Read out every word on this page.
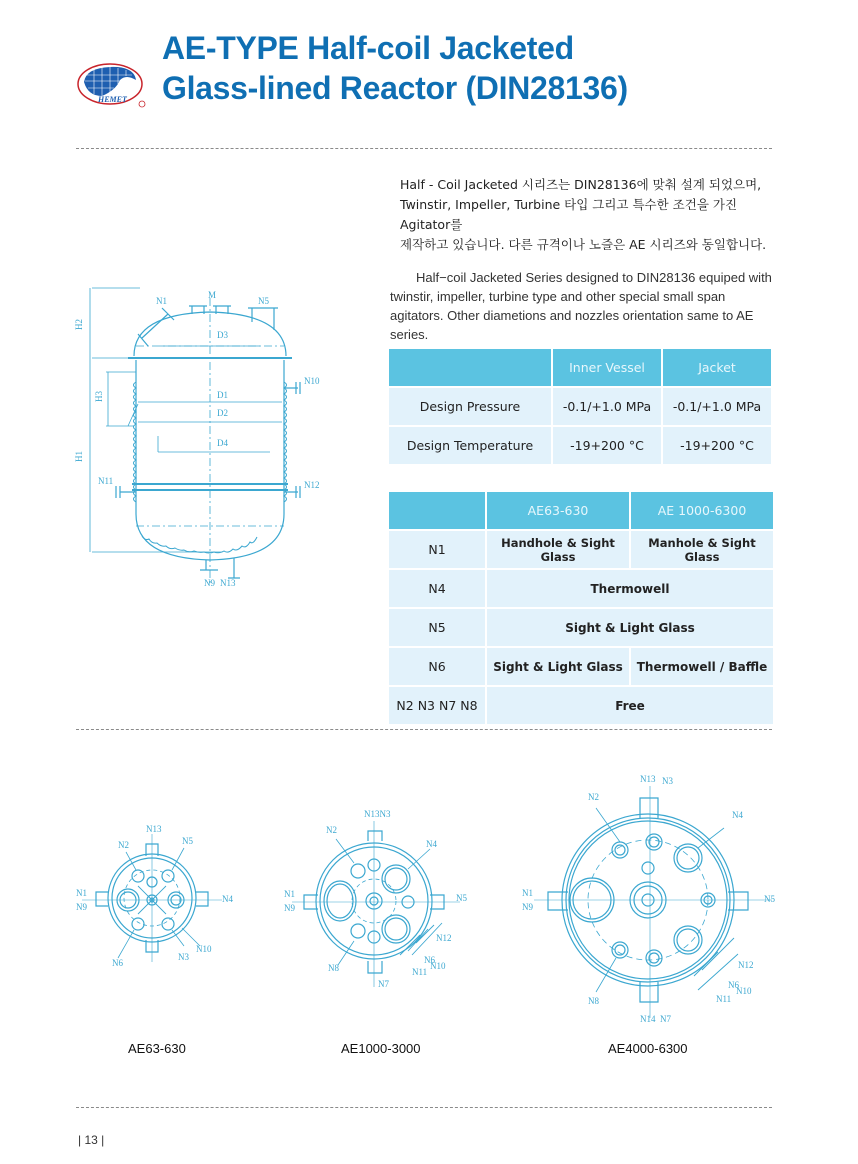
HEMET
AE-TYPE Half-coil Jacketed
Glass-lined Reactor (DIN28136)
Half - Coil Jacketed 시리즈는 DIN28136에 맞춰 설계 되었으며,
Twinstir, Impeller, Turbine 타입 그리고 특수한 조건을 가진 Agitator를
제작하고 있습니다. 다른 규격이나 노즐은 AE 시리즈와 동일합니다.
Half−coil Jacketed Series designed to DIN28136 equiped with twinstir, impeller, turbine type and other special small span agitators. Other diametions and nozzles orientation same to AE series.
N1
M
N5
H2
D3
N10
H3	D1
D2
D4
H1
N11	N12
N9 N13
	Inner Vessel	Jacket
Design Pressure	-0.1/+1.0 MPa	-0.1/+1.0 MPa
Design Temperature	-19+200 °C	-19+200 °C
	AE63-630	AE 1000-6300
N1	Handhole & Sight Glass	Manhole & Sight Glass
N4	Thermowell	
N5	Sight & Light Glass	
N6	Sight & Light Glass	Thermowell / Baffle
N2 N3 N7 N8	Free	
N13
N2	N5
N1
N9
N4
N10
N6
N3
N13N3
N2
N4
N1
N9
N5
N12
N6
N10
N11
N8
N7
N13 N3
N2
N4
N1
N9
N5
N12
N6
N10
N11
N8
N14 N7
AE63-630	AE1000-3000	AE4000-6300
| 13 |
